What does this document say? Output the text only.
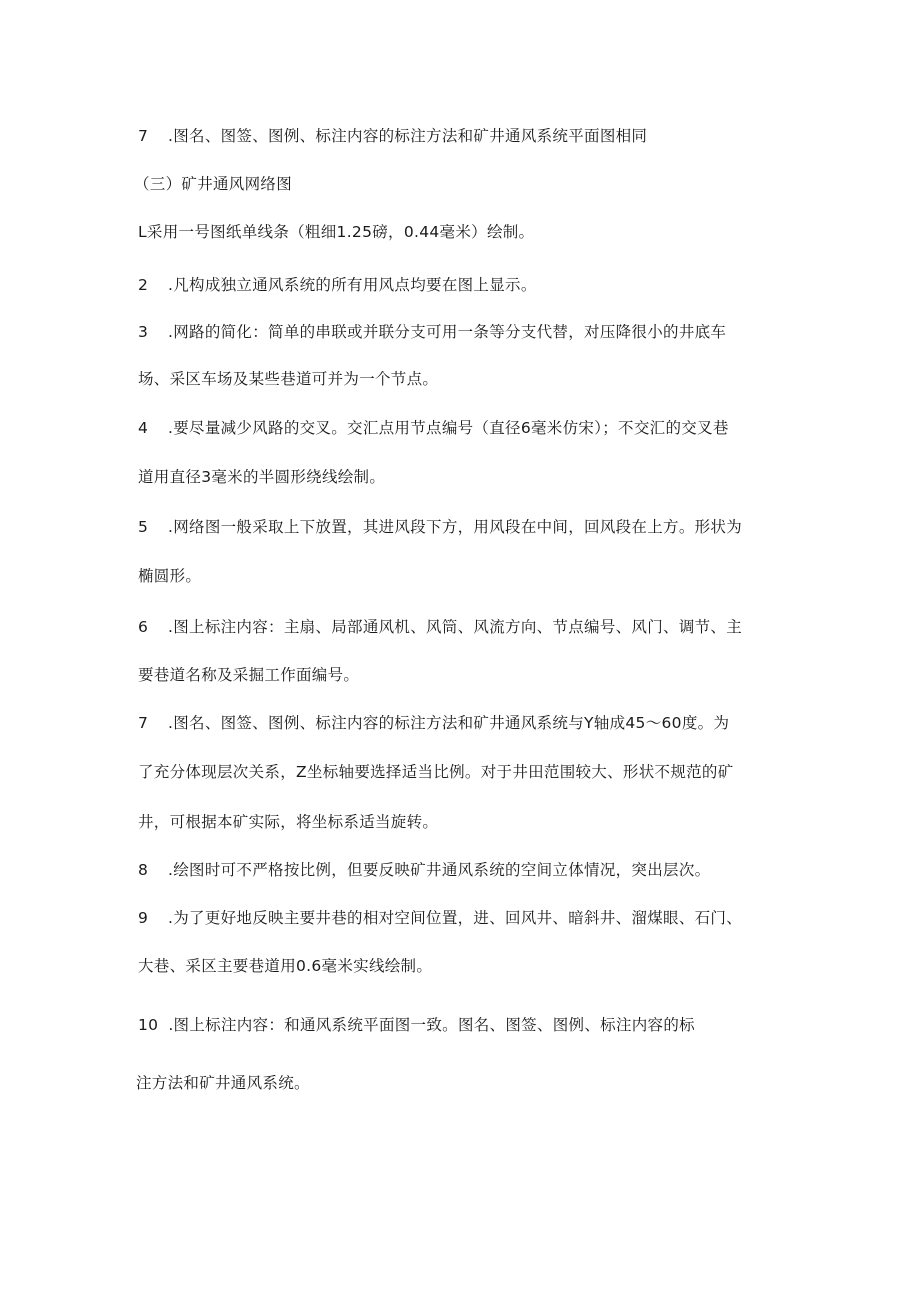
7 .图名、图签、图例、标注内容的标注方法和矿井通风系统平面图相同
（三）矿井通风网络图
L采用一号图纸单线条（粗细1.25磅，0.44毫米）绘制。
2 .凡构成独立通风系统的所有用风点均要在图上显示。
3 .网路的简化：简单的串联或并联分支可用一条等分支代替，对压降很小的井底车
场、采区车场及某些巷道可并为一个节点。
4 .要尽量减少风路的交叉。交汇点用节点编号（直径6毫米仿宋）；不交汇的交叉巷
道用直径3毫米的半圆形绕线绘制。
5 .网络图一般采取上下放置，其进风段下方，用风段在中间，回风段在上方。形状为
椭圆形。
6 .图上标注内容：主扇、局部通风机、风筒、风流方向、节点编号、风门、调节、主
要巷道名称及采掘工作面编号。
7 .图名、图签、图例、标注内容的标注方法和矿井通风系统与Y轴成45～60度。为
了充分体现层次关系，Z坐标轴要选择适当比例。对于井田范围较大、形状不规范的矿
井，可根据本矿实际，将坐标系适当旋转。
8 .绘图时可不严格按比例，但要反映矿井通风系统的空间立体情况，突出层次。
9 .为了更好地反映主要井巷的相对空间位置，进、回风井、暗斜井、溜煤眼、石门、
大巷、采区主要巷道用0.6毫米实线绘制。
10 .图上标注内容：和通风系统平面图一致。图名、图签、图例、标注内容的标
注方法和矿井通风系统。
